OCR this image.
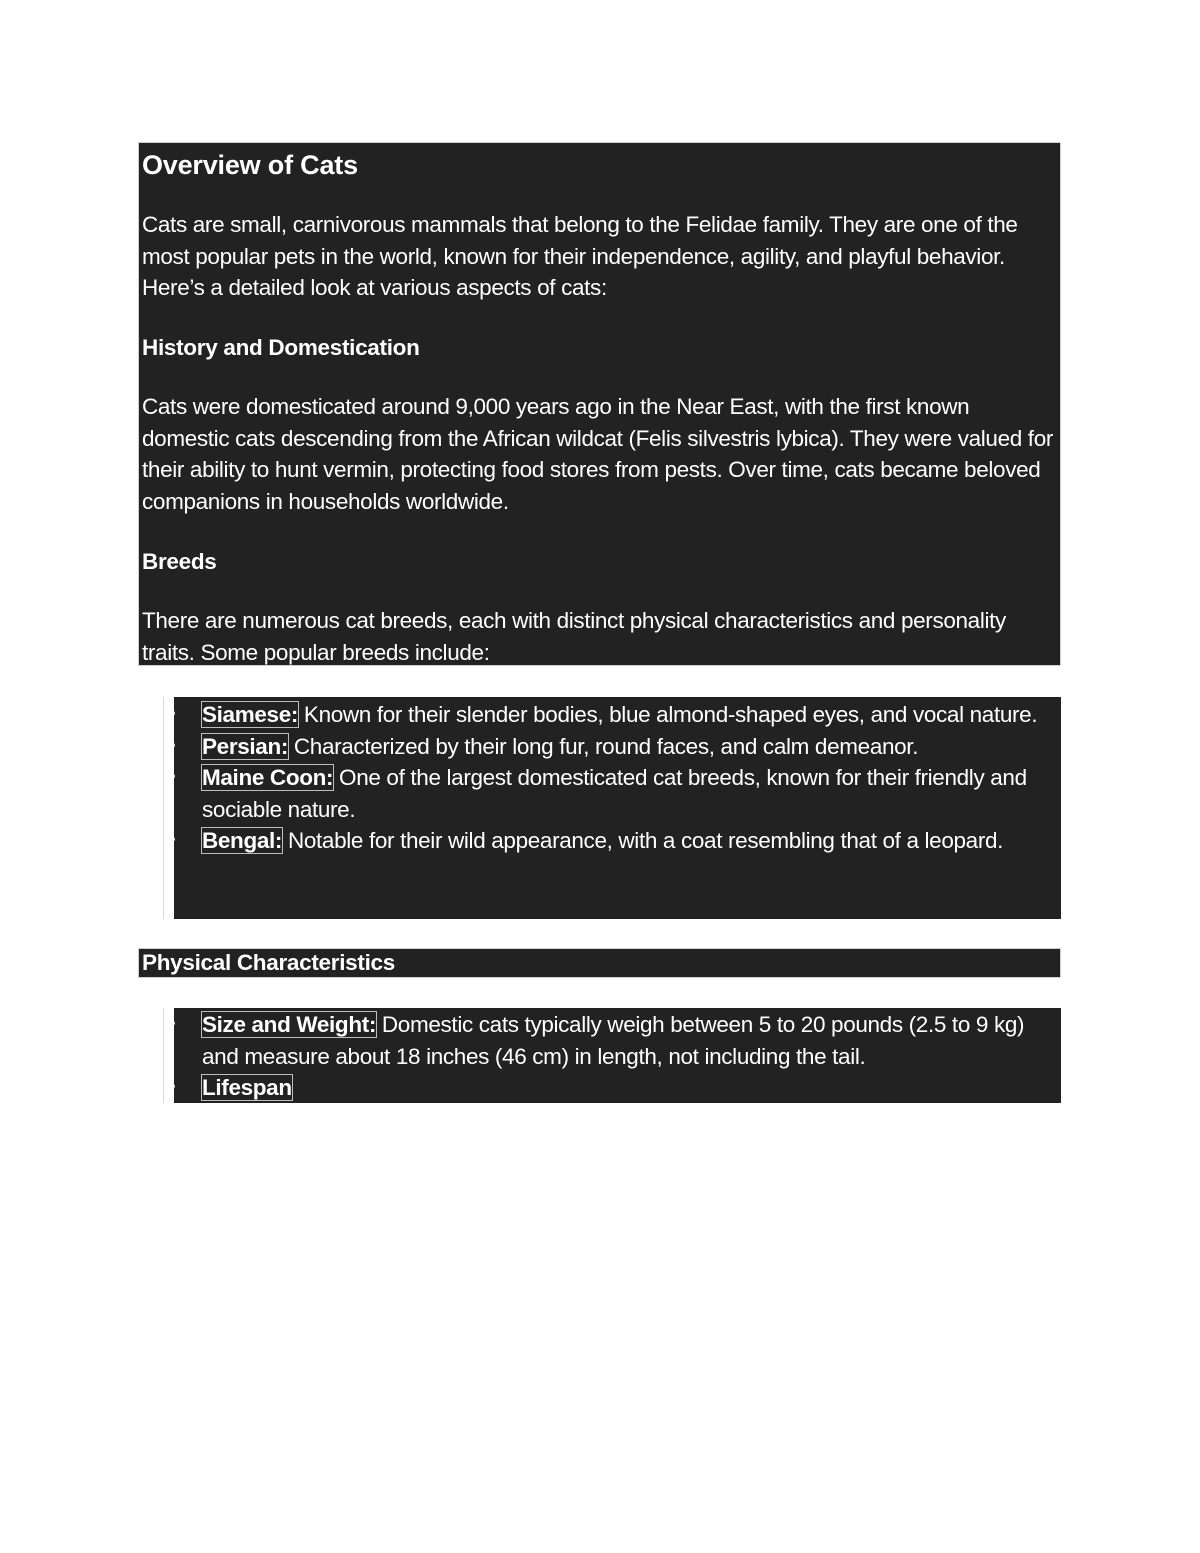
Overview of Cats

Cats are small, carnivorous mammals that belong to the Felidae family. They are one of the most popular pets in the world, known for their independence, agility, and playful behavior. Here’s a detailed look at various aspects of cats:

History and Domestication

Cats were domesticated around 9,000 years ago in the Near East, with the first known domestic cats descending from the African wildcat (Felis silvestris lybica). They were valued for their ability to hunt vermin, protecting food stores from pests. Over time, cats became beloved companions in households worldwide.

Breeds

There are numerous cat breeds, each with distinct physical characteristics and personality traits. Some popular breeds include:

• Siamese: Known for their slender bodies, blue almond-shaped eyes, and vocal nature.
• Persian: Characterized by their long fur, round faces, and calm demeanor.
• Maine Coon: One of the largest domesticated cat breeds, known for their friendly and sociable nature.
• Bengal: Notable for their wild appearance, with a coat resembling that of a leopard.
Physical Characteristics
• Size and Weight: Domestic cats typically weigh between 5 to 20 pounds (2.5 to 9 kg) and measure about 18 inches (46 cm) in length, not including the tail.
• Lifespan
